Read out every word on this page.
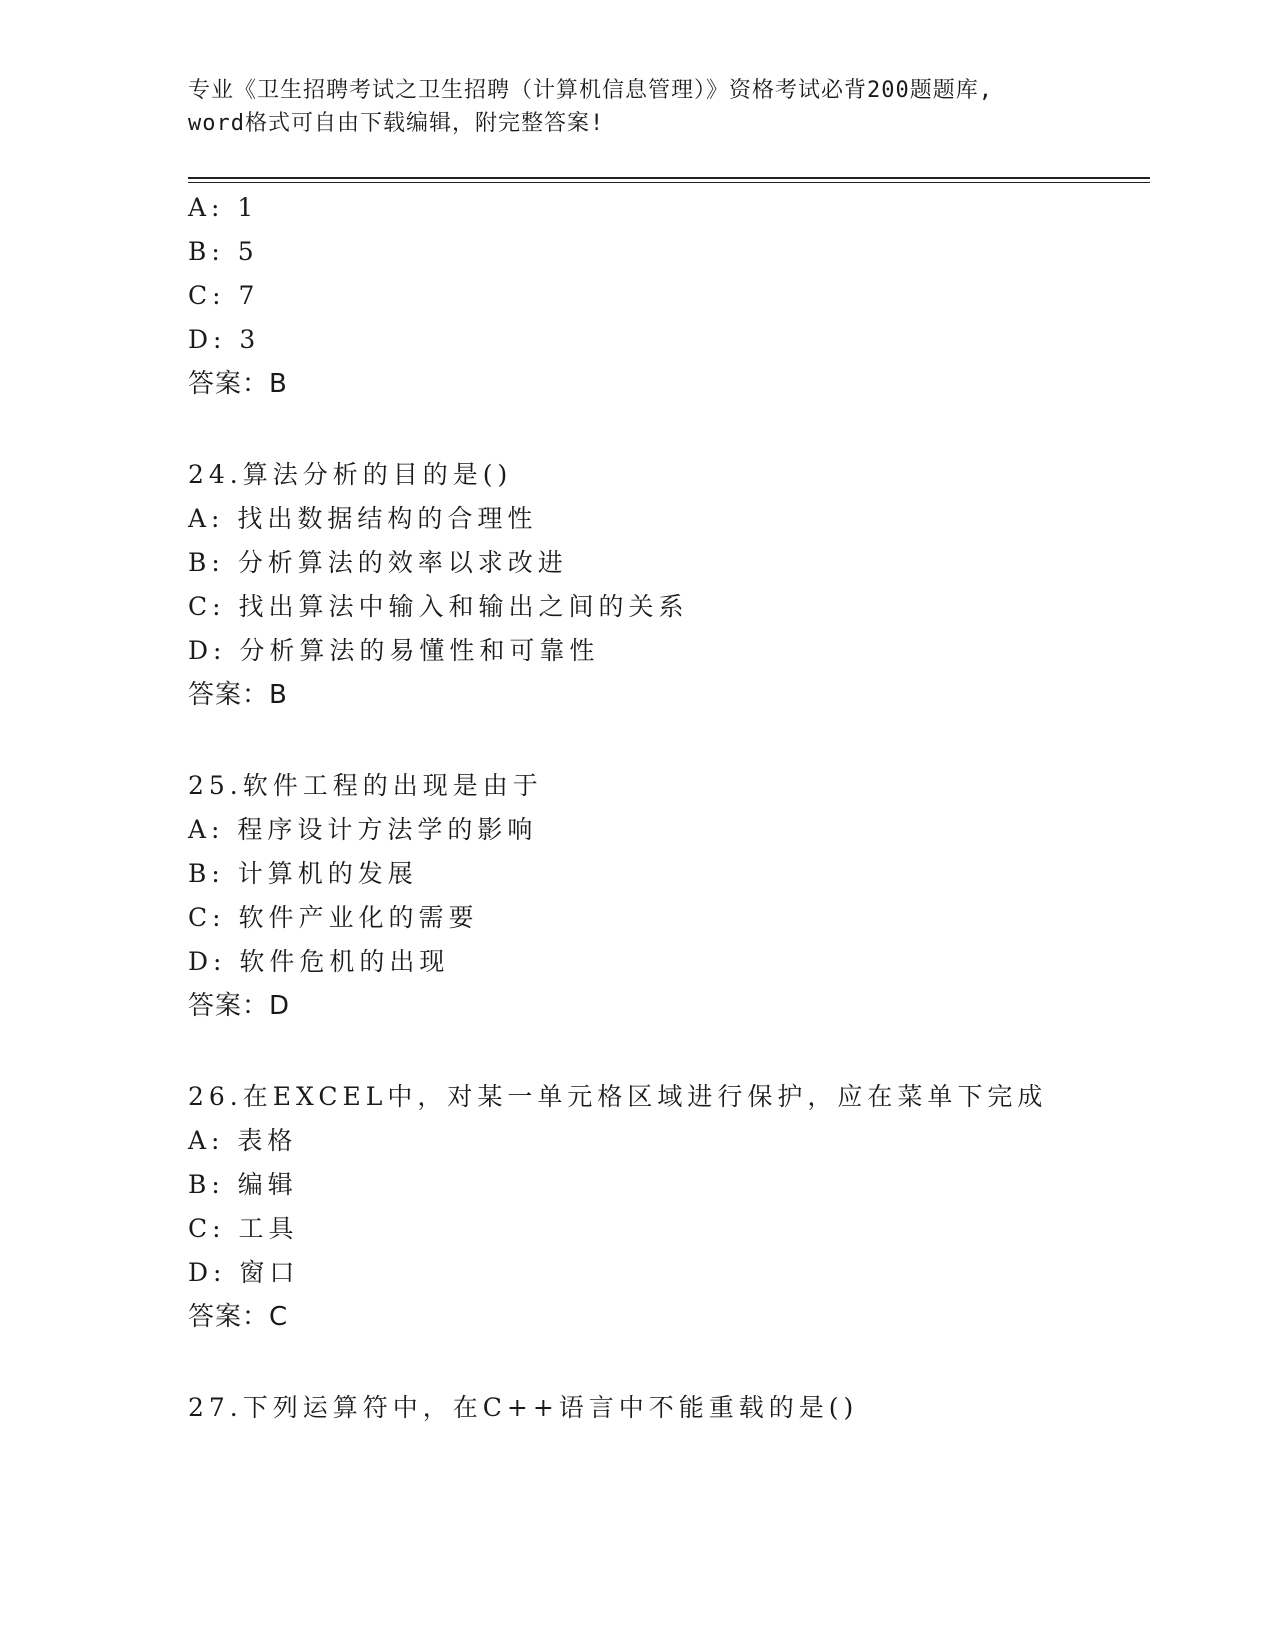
专业《卫生招聘考试之卫生招聘（计算机信息管理）》资格考试必背200题题库,
word格式可自由下载编辑，附完整答案!
A: 1
B: 5
C: 7
D: 3
答案：B
24.算法分析的目的是()
A: 找出数据结构的合理性
B: 分析算法的效率以求改进
C: 找出算法中输入和输出之间的关系
D: 分析算法的易懂性和可靠性
答案：B
25.软件工程的出现是由于
A: 程序设计方法学的影响
B: 计算机的发展
C: 软件产业化的需要
D: 软件危机的出现
答案：D
26.在EXCEL中，对某一单元格区域进行保护，应在菜单下完成
A: 表格
B: 编辑
C: 工具
D: 窗口
答案：C
27.下列运算符中，在C++语言中不能重载的是()
